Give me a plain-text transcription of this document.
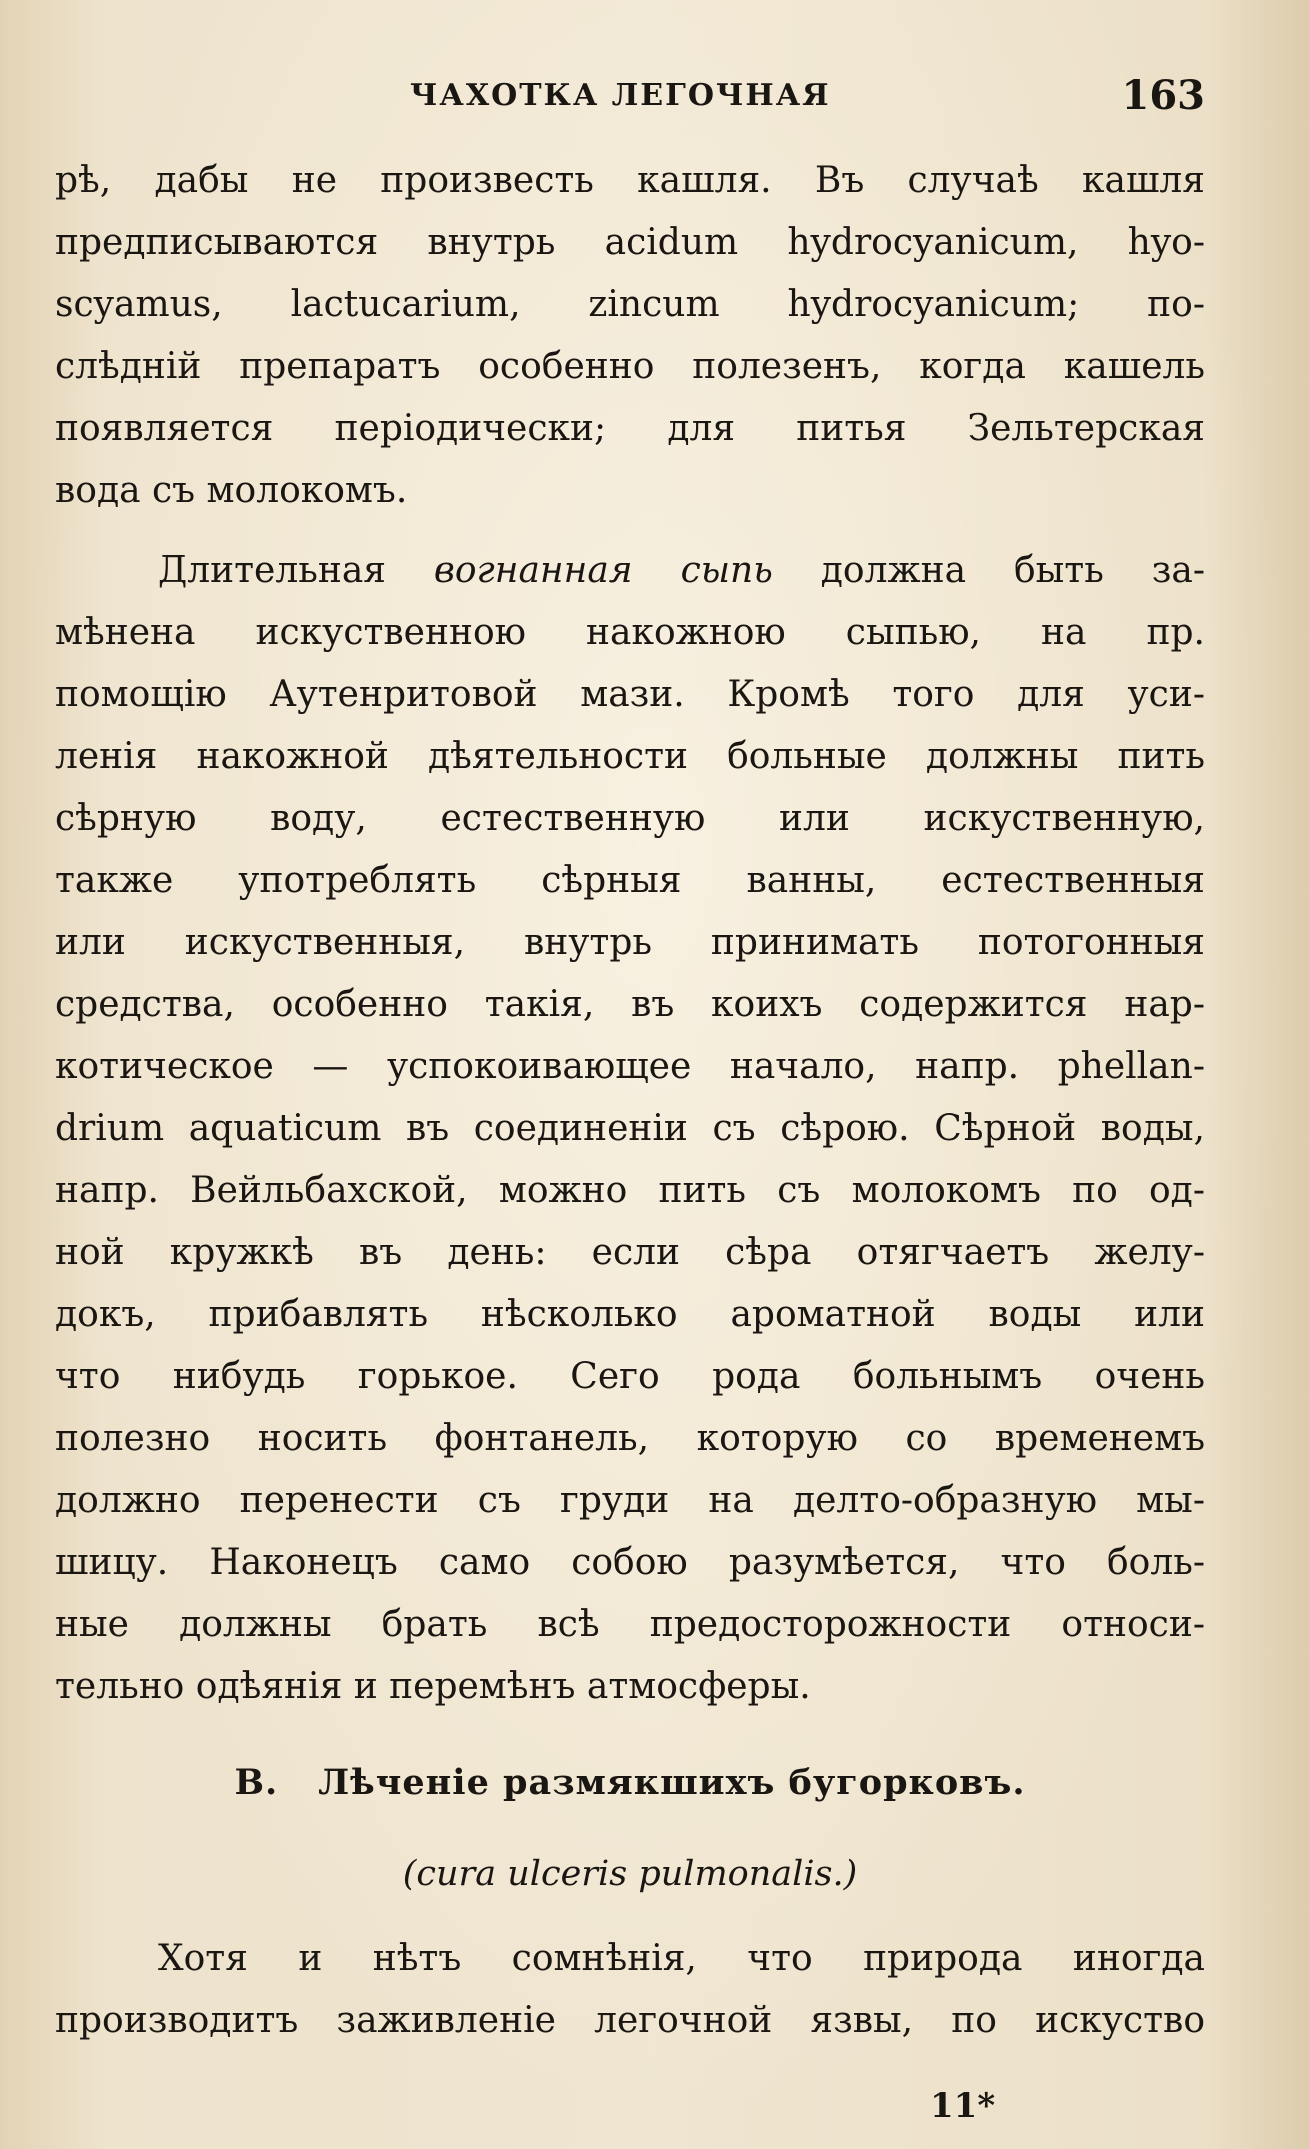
ЧАХОТКА ЛЕГОЧНАЯ	163
рѣ, дабы не произвесть кашля. Въ случаѣ кашля
предписываются внутрь acidum hydrocyanicum, hyo-
scyamus, lactucarium, zincum hydrocyanicum; по-
слѣдній препаратъ особенно полезенъ, когда кашель
появляется періодически; для питья Зельтерская
вода съ молокомъ.
Длительная вогнанная сыпь должна быть за-
мѣнена искуственною накожною сыпью, на пр.
помощію Аутенритовой мази. Кромѣ того для уси-
ленія накожной дѣятельности больные должны пить
сѣрную воду, естественную или искуственную,
также употреблять сѣрныя ванны, естественныя
или искуственныя, внутрь принимать потогонныя
средства, особенно такія, въ коихъ содержится нар-
котическое — успокоивающее начало, напр. phellan-
drium aquaticum въ соединеніи съ сѣрою. Сѣрной воды,
напр. Вейльбахской, можно пить съ молокомъ по од-
ной кружкѣ въ день: если сѣра отягчаетъ желу-
докъ, прибавлять нѣсколько ароматной воды или
что нибудь горькое. Сего рода больнымъ очень
полезно носить фонтанель, которую со временемъ
должно перенести съ груди на делто-образную мы-
шицу. Наконецъ само собою разумѣется, что боль-
ные должны брать всѣ предосторожности относи-
тельно одѣянія и перемѣнъ атмосферы.
B. Лѣченіе размякшихъ бугорковъ.
(cura ulceris pulmonalis.)
Хотя и нѣтъ сомнѣнія, что природа иногда
производитъ заживленіе легочной язвы, по искуство
11*
